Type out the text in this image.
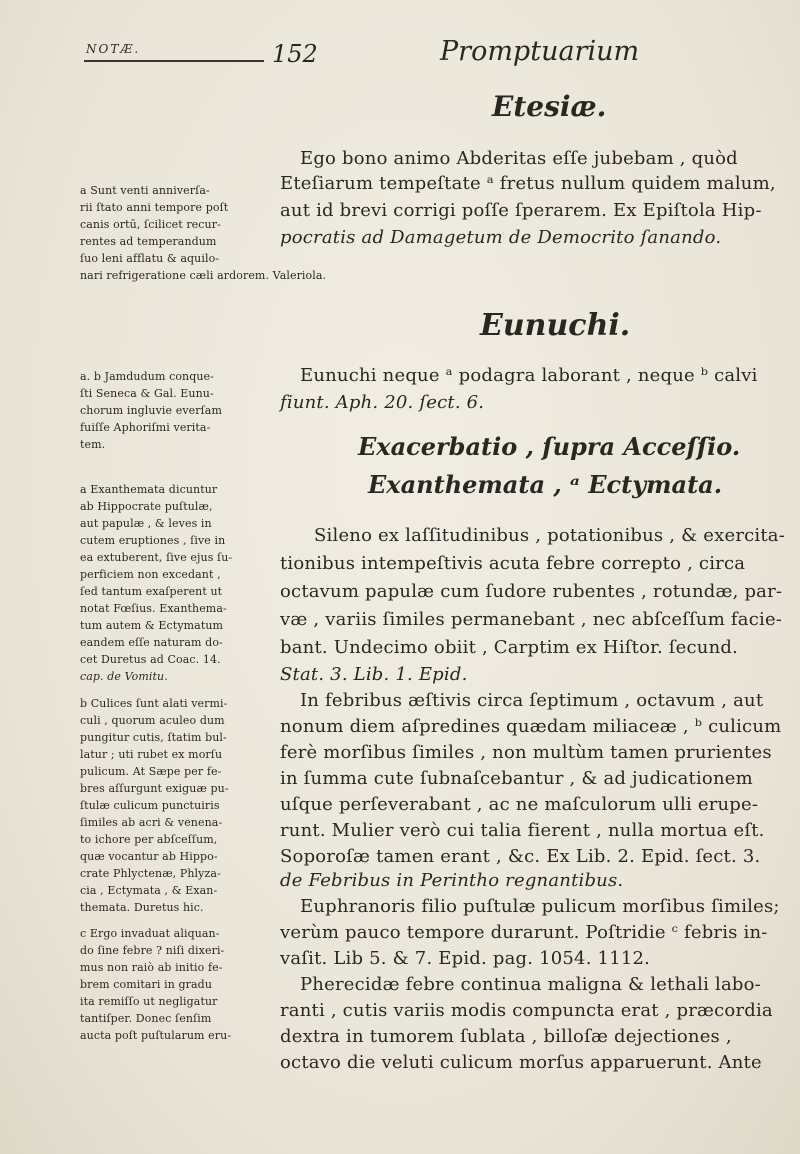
NOTÆ.	152	Promptuarium
Etesiæ.
Ego bono animo Abderitas eſſe jubebam , quòd
Eteſiarum tempeſtate ᵃ fretus nullum quidem malum,
aut id brevi corrigi poſſe ſperarem. Ex Epiſtola Hip-
pocratis ad Damagetum de Democrito ſanando.
a Sunt venti anniverſa-
rii ſtato anni tempore poſt
canis ortū, ſcilicet recur-
rentes ad temperandum
ſuo leni afflatu & aquilo-
nari refrigeratione cæli ardorem. Valeriola.
Eunuchi.
Eunuchi neque ᵃ podagra laborant , neque ᵇ calvi
fiunt. Aph. 20. ſect. 6.
a. b Jamdudum conque-
ſti Seneca & Gal. Eunu-
chorum ingluvie everſam
fuiſſe Aphoriſmi verita-
tem.	Exacerbatio , ſupra Acceſſio.
Exanthemata , ᵃ Ectymata.
Sileno ex laſſitudinibus , potationibus , & exercita-
tionibus intempeſtivis acuta febre correpto , circa
octavum papulæ cum ſudore rubentes , rotundæ, par-
væ , variis ſimiles permanebant , nec abſceſſum facie-
bant. Undecimo obiit , Carptim ex Hiſtor. ſecund.
Stat. 3. Lib. 1. Epid.
In febribus æſtivis circa ſeptimum , octavum , aut
nonum diem aſpredines quædam miliaceæ , ᵇ culicum
ferè morſibus ſimiles , non multùm tamen prurientes
in ſumma cute ſubnaſcebantur , & ad judicationem
uſque perſeverabant , ac ne maſculorum ulli erupe-
runt. Mulier verò cui talia fierent , nulla mortua eſt.
Soporoſæ tamen erant , &c. Ex Lib. 2. Epid. ſect. 3.
de Febribus in Perintho regnantibus.
Euphranoris filio puſtulæ pulicum morſibus ſimiles;
verùm pauco tempore durarunt. Poſtridie ᶜ febris in-
vaſit. Lib 5. & 7. Epid. pag. 1054. 1112.
Pherecidæ febre continua maligna & lethali labo-
ranti , cutis variis modis compuncta erat , præcordia
dextra in tumorem ſublata , billoſæ dejectiones ,
octavo die veluti culicum morſus apparuerunt. Ante
a Exanthemata dicuntur
ab Hippocrate puſtulæ,
aut papulæ , & leves in
cutem eruptiones , ſive in
ea extuberent, ſive ejus ſu-
perficiem non excedant ,
ſed tantum exaſperent ut
notat Fœſius. Exanthema-
tum autem & Ectymatum
eandem eſſe naturam do-
cet Duretus ad Coac. 14.
cap. de Vomitu.
b Culices ſunt alati vermi-
culi , quorum aculeo dum
pungitur cutis, ſtatim bul-
latur ; uti rubet ex morſu
pulicum. At Sæpe per fe-
bres aſſurgunt exiguæ pu-
ſtulæ culicum punctuiris
ſimiles ab acri & venena-
to ichore per abſceſſum,
quæ vocantur ab Hippo-
crate Phlyctenæ, Phlyza-
cia , Ectymata , & Exan-
themata. Duretus hic.
c Ergo invaduat aliquan-
do ſine febre ? niſi dixeri-
mus non raiò ab initio fe-
brem comitari in gradu
ita remiſſo ut negligatur
tantiſper. Donec ſenſim
aucta poſt puſtularum eru-
